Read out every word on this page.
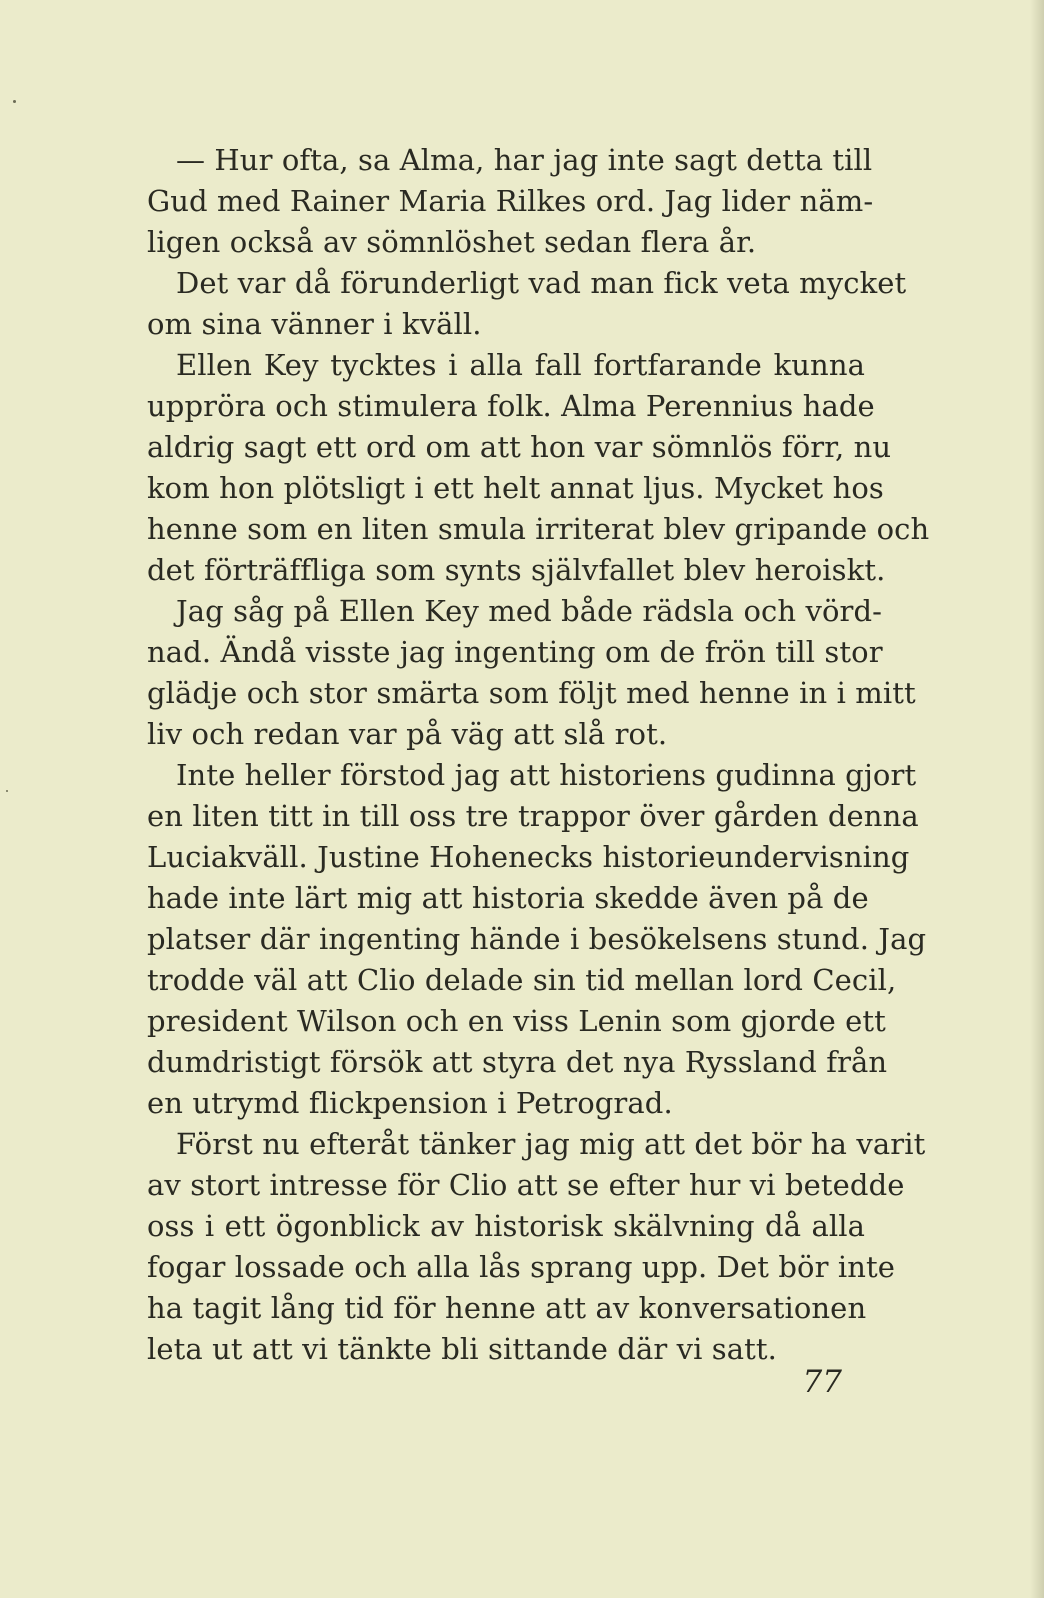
— Hur ofta, sa Alma, har jag inte sagt detta till
Gud med Rainer Maria Rilkes ord. Jag lider näm-
ligen också av sömnlöshet sedan flera år.
Det var då förunderligt vad man fick veta mycket
om sina vänner i kväll.
Ellen Key tycktes i alla fall fortfarande kunna
uppröra och stimulera folk. Alma Perennius hade
aldrig sagt ett ord om att hon var sömnlös förr, nu
kom hon plötsligt i ett helt annat ljus. Mycket hos
henne som en liten smula irriterat blev gripande och
det förträffliga som synts självfallet blev heroiskt.
Jag såg på Ellen Key med både rädsla och vörd-
nad. Ändå visste jag ingenting om de frön till stor
glädje och stor smärta som följt med henne in i mitt
liv och redan var på väg att slå rot.
Inte heller förstod jag att historiens gudinna gjort
en liten titt in till oss tre trappor över gården denna
Luciakväll. Justine Hohenecks historieundervisning
hade inte lärt mig att historia skedde även på de
platser där ingenting hände i besökelsens stund. Jag
trodde väl att Clio delade sin tid mellan lord Cecil,
president Wilson och en viss Lenin som gjorde ett
dumdristigt försök att styra det nya Ryssland från
en utrymd flickpension i Petrograd.
Först nu efteråt tänker jag mig att det bör ha varit
av stort intresse för Clio att se efter hur vi betedde
oss i ett ögonblick av historisk skälvning då alla
fogar lossade och alla lås sprang upp. Det bör inte
ha tagit lång tid för henne att av konversationen
leta ut att vi tänkte bli sittande där vi satt.
77
